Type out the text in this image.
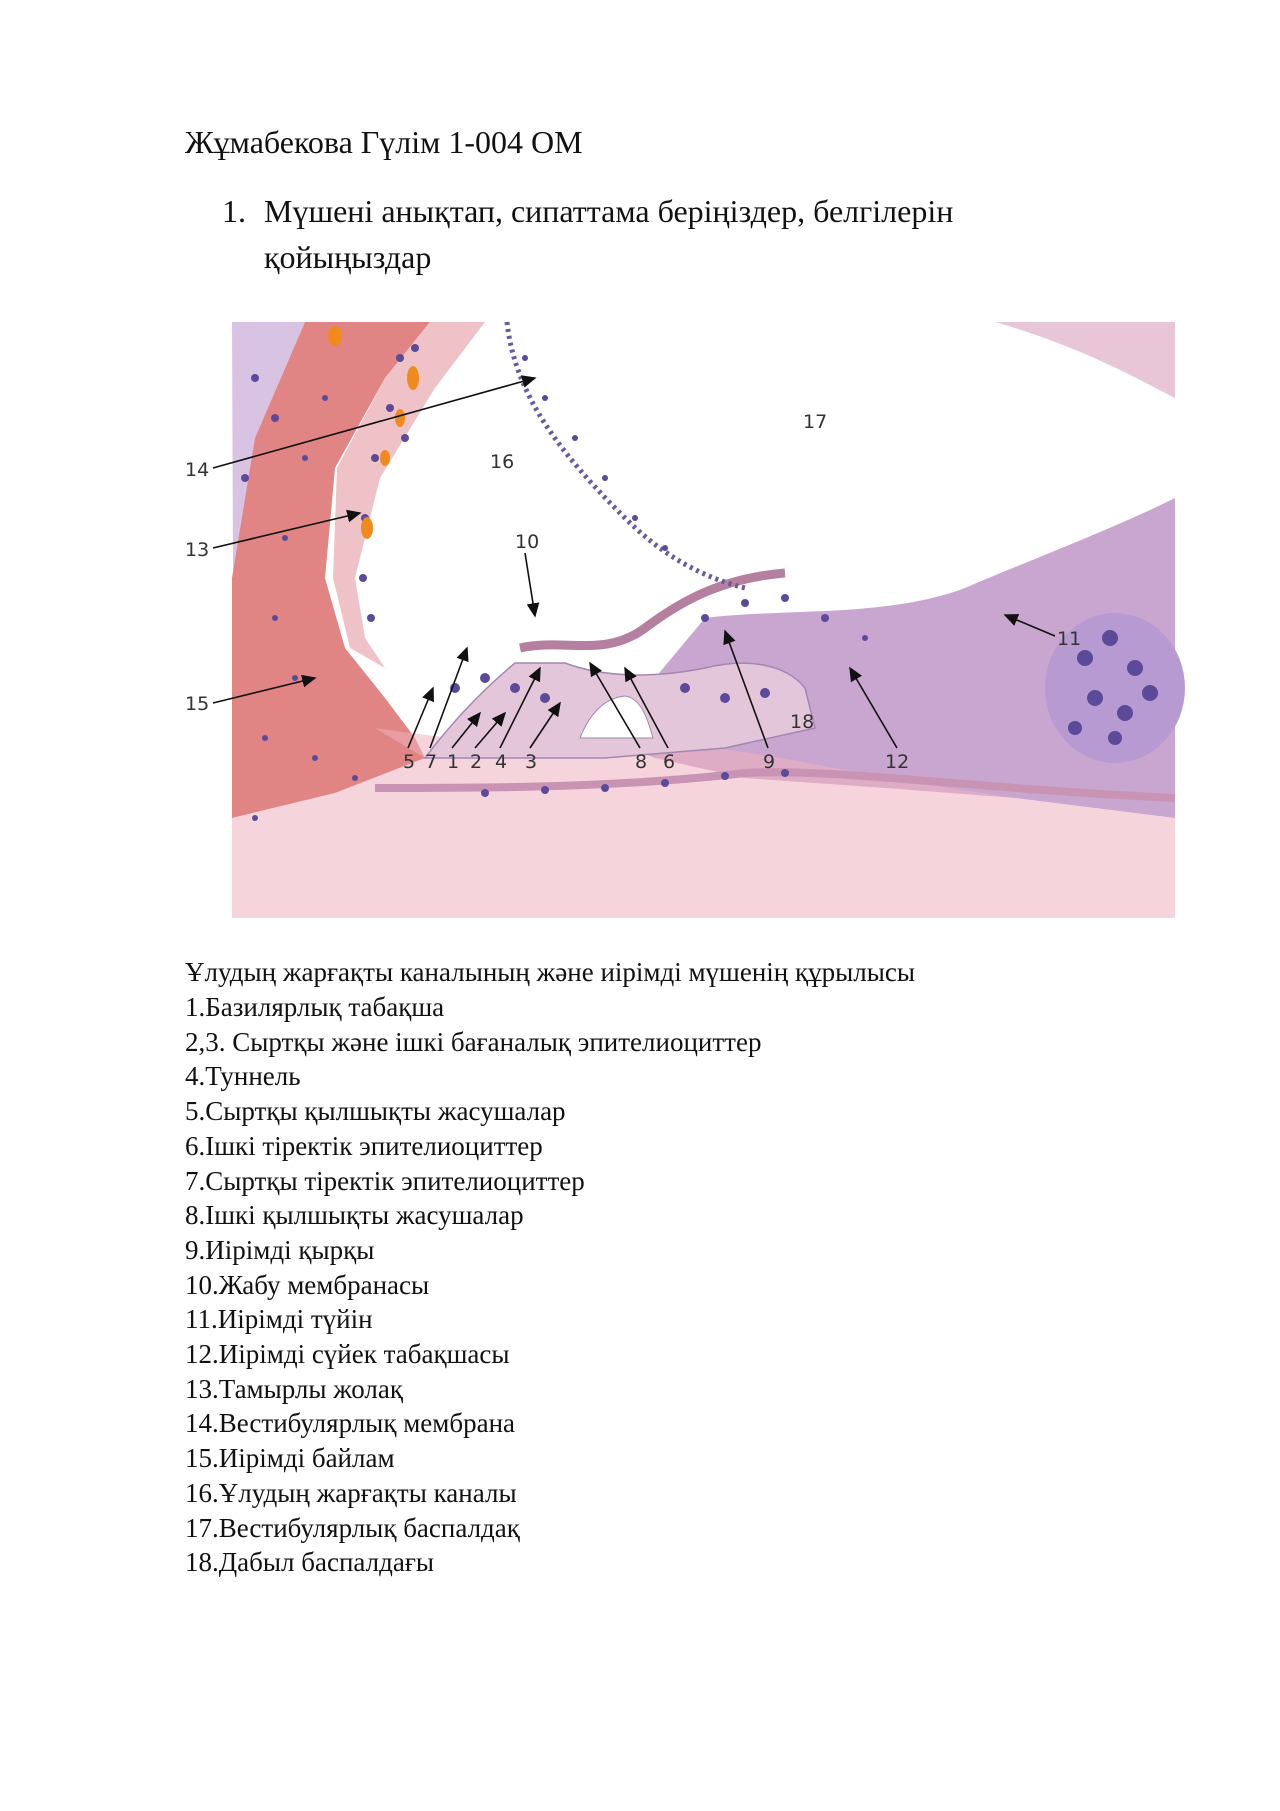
Жұмабекова Гүлім 1-004 ОМ
1. Мүшені анықтап, сипаттама беріңіздер, белгілерін қойыңыздар
5 7 1 2 4 3	8 6	9	12
18
11
10
13
14
15
16
17

Ұлудың жарғақты каналының және иірімді мүшенің құрылысы

1.Базилярлық табақша
2,3. Сыртқы және ішкі бағаналық эпителиоциттер
4.Туннель
5.Сыртқы қылшықты жасушалар
6.Ішкі тіректік эпителиоциттер
7.Сыртқы тіректік эпителиоциттер
8.Ішкі қылшықты жасушалар
9.Иірімді қырқы
10.Жабу мембранасы
11.Иірімді түйін
12.Иірімді сүйек табақшасы
13.Тамырлы жолақ
14.Вестибулярлық мембрана
15.Иірімді байлам
16.Ұлудың жарғақты каналы
17.Вестибулярлық баспалдақ
18.Дабыл баспалдағы
